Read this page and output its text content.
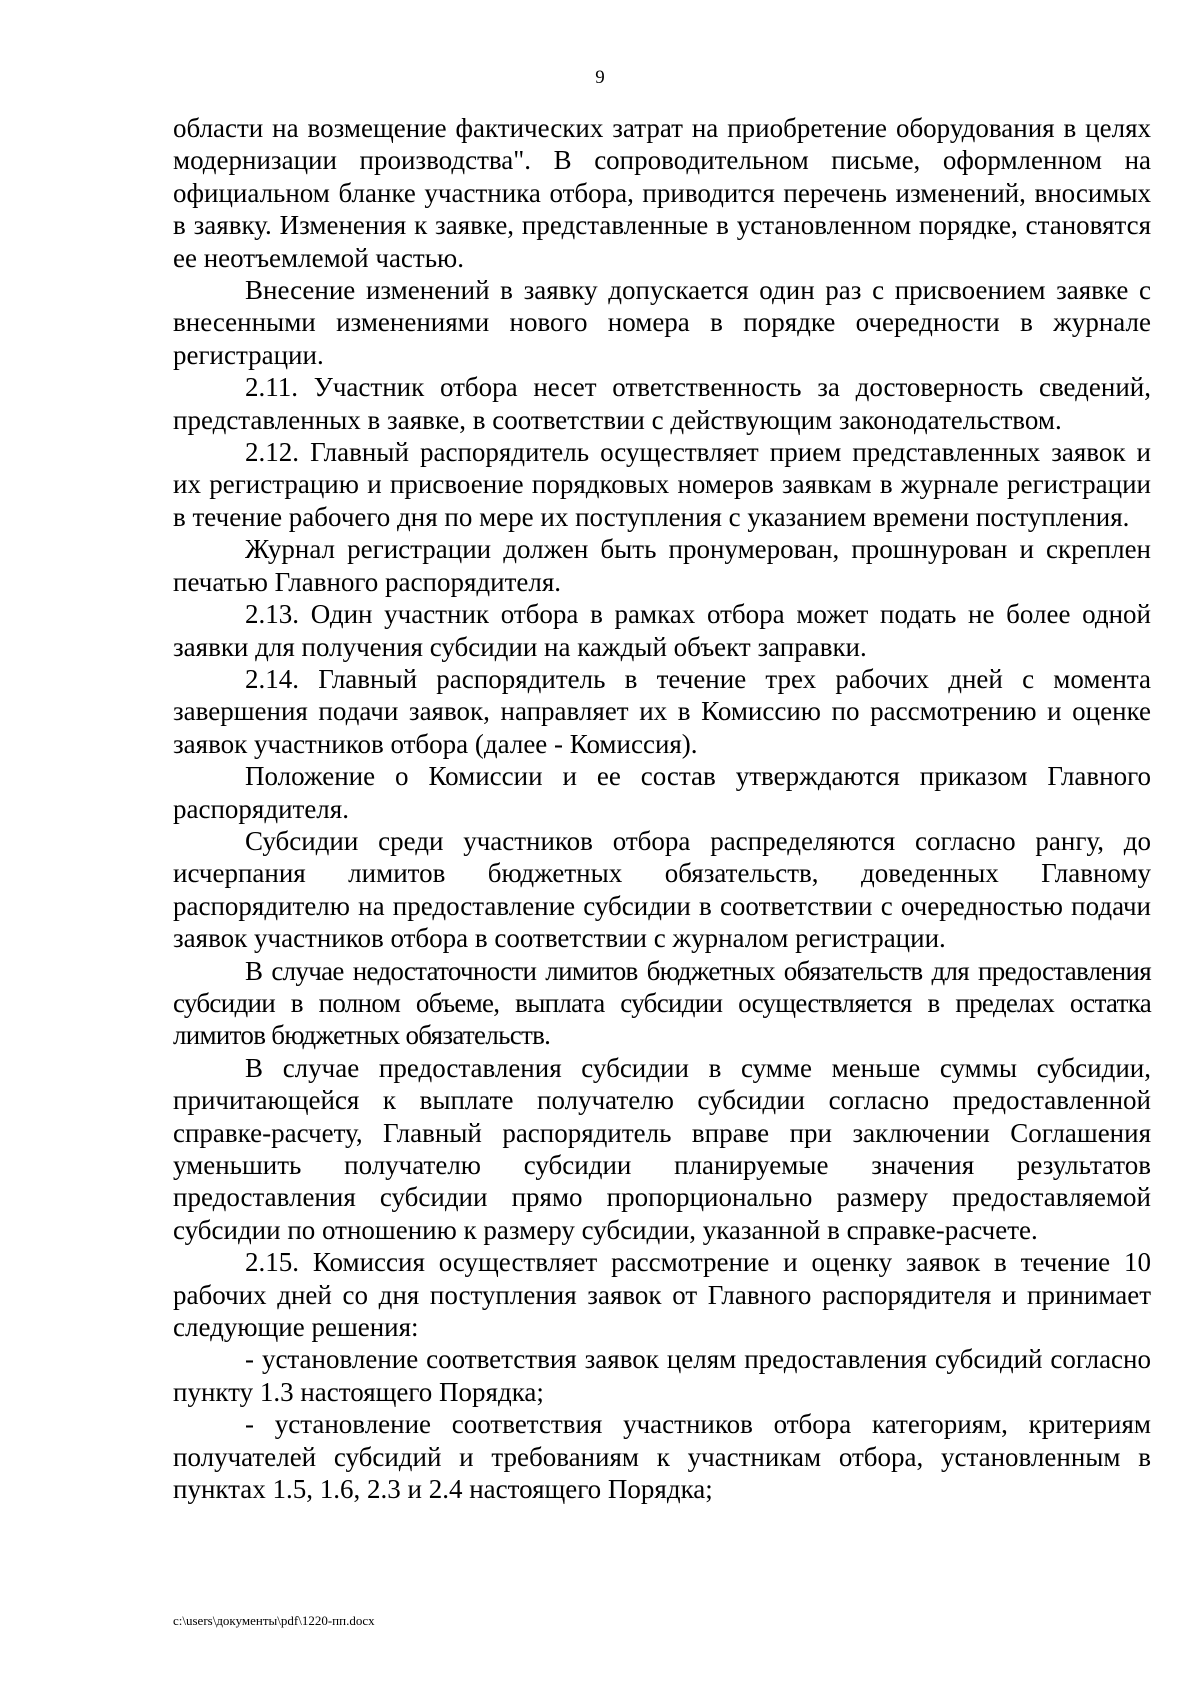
9

области на возмещение фактических затрат на приобретение оборудования в целях модернизации производства". В сопроводительном письме, оформленном на официальном бланке участника отбора, приводится перечень изменений, вносимых в заявку. Изменения к заявке, представленные в установленном порядке, становятся ее неотъемлемой частью.

Внесение изменений в заявку допускается один раз с присвоением заявке с внесенными изменениями нового номера в порядке очередности в журнале регистрации.

2.11. Участник отбора несет ответственность за достоверность сведений, представленных в заявке, в соответствии с действующим законодательством.

2.12. Главный распорядитель осуществляет прием представленных заявок и их регистрацию и присвоение порядковых номеров заявкам в журнале регистрации в течение рабочего дня по мере их поступления с указанием времени поступления.

Журнал регистрации должен быть пронумерован, прошнурован и скреплен печатью Главного распорядителя.

2.13. Один участник отбора в рамках отбора может подать не более одной заявки для получения субсидии на каждый объект заправки.

2.14. Главный распорядитель в течение трех рабочих дней с момента завершения подачи заявок, направляет их в Комиссию по рассмотрению и оценке заявок участников отбора (далее - Комиссия).

Положение о Комиссии и ее состав утверждаются приказом Главного распорядителя.

Субсидии среди участников отбора распределяются согласно рангу, до исчерпания лимитов бюджетных обязательств, доведенных Главному распорядителю на предоставление субсидии в соответствии с очередностью подачи заявок участников отбора в соответствии с журналом регистрации.

В случае недостаточности лимитов бюджетных обязательств для предоставления субсидии в полном объеме, выплата субсидии осуществляется в пределах остатка лимитов бюджетных обязательств.

В случае предоставления субсидии в сумме меньше суммы субсидии, причитающейся к выплате получателю субсидии согласно предоставленной справке-расчету, Главный распорядитель вправе при заключении Соглашения уменьшить получателю субсидии планируемые значения результатов предоставления субсидии прямо пропорционально размеру предоставляемой субсидии по отношению к размеру субсидии, указанной в справке-расчете.

2.15. Комиссия осуществляет рассмотрение и оценку заявок в течение 10 рабочих дней со дня поступления заявок от Главного распорядителя и принимает следующие решения:

- установление соответствия заявок целям предоставления субсидий согласно пункту 1.3 настоящего Порядка;

- установление соответствия участников отбора категориям, критериям получателей субсидий и требованиям к участникам отбора, установленным в пунктах 1.5, 1.6, 2.3 и 2.4 настоящего Порядка;

c:\users\документы\pdf\1220-пп.docx
